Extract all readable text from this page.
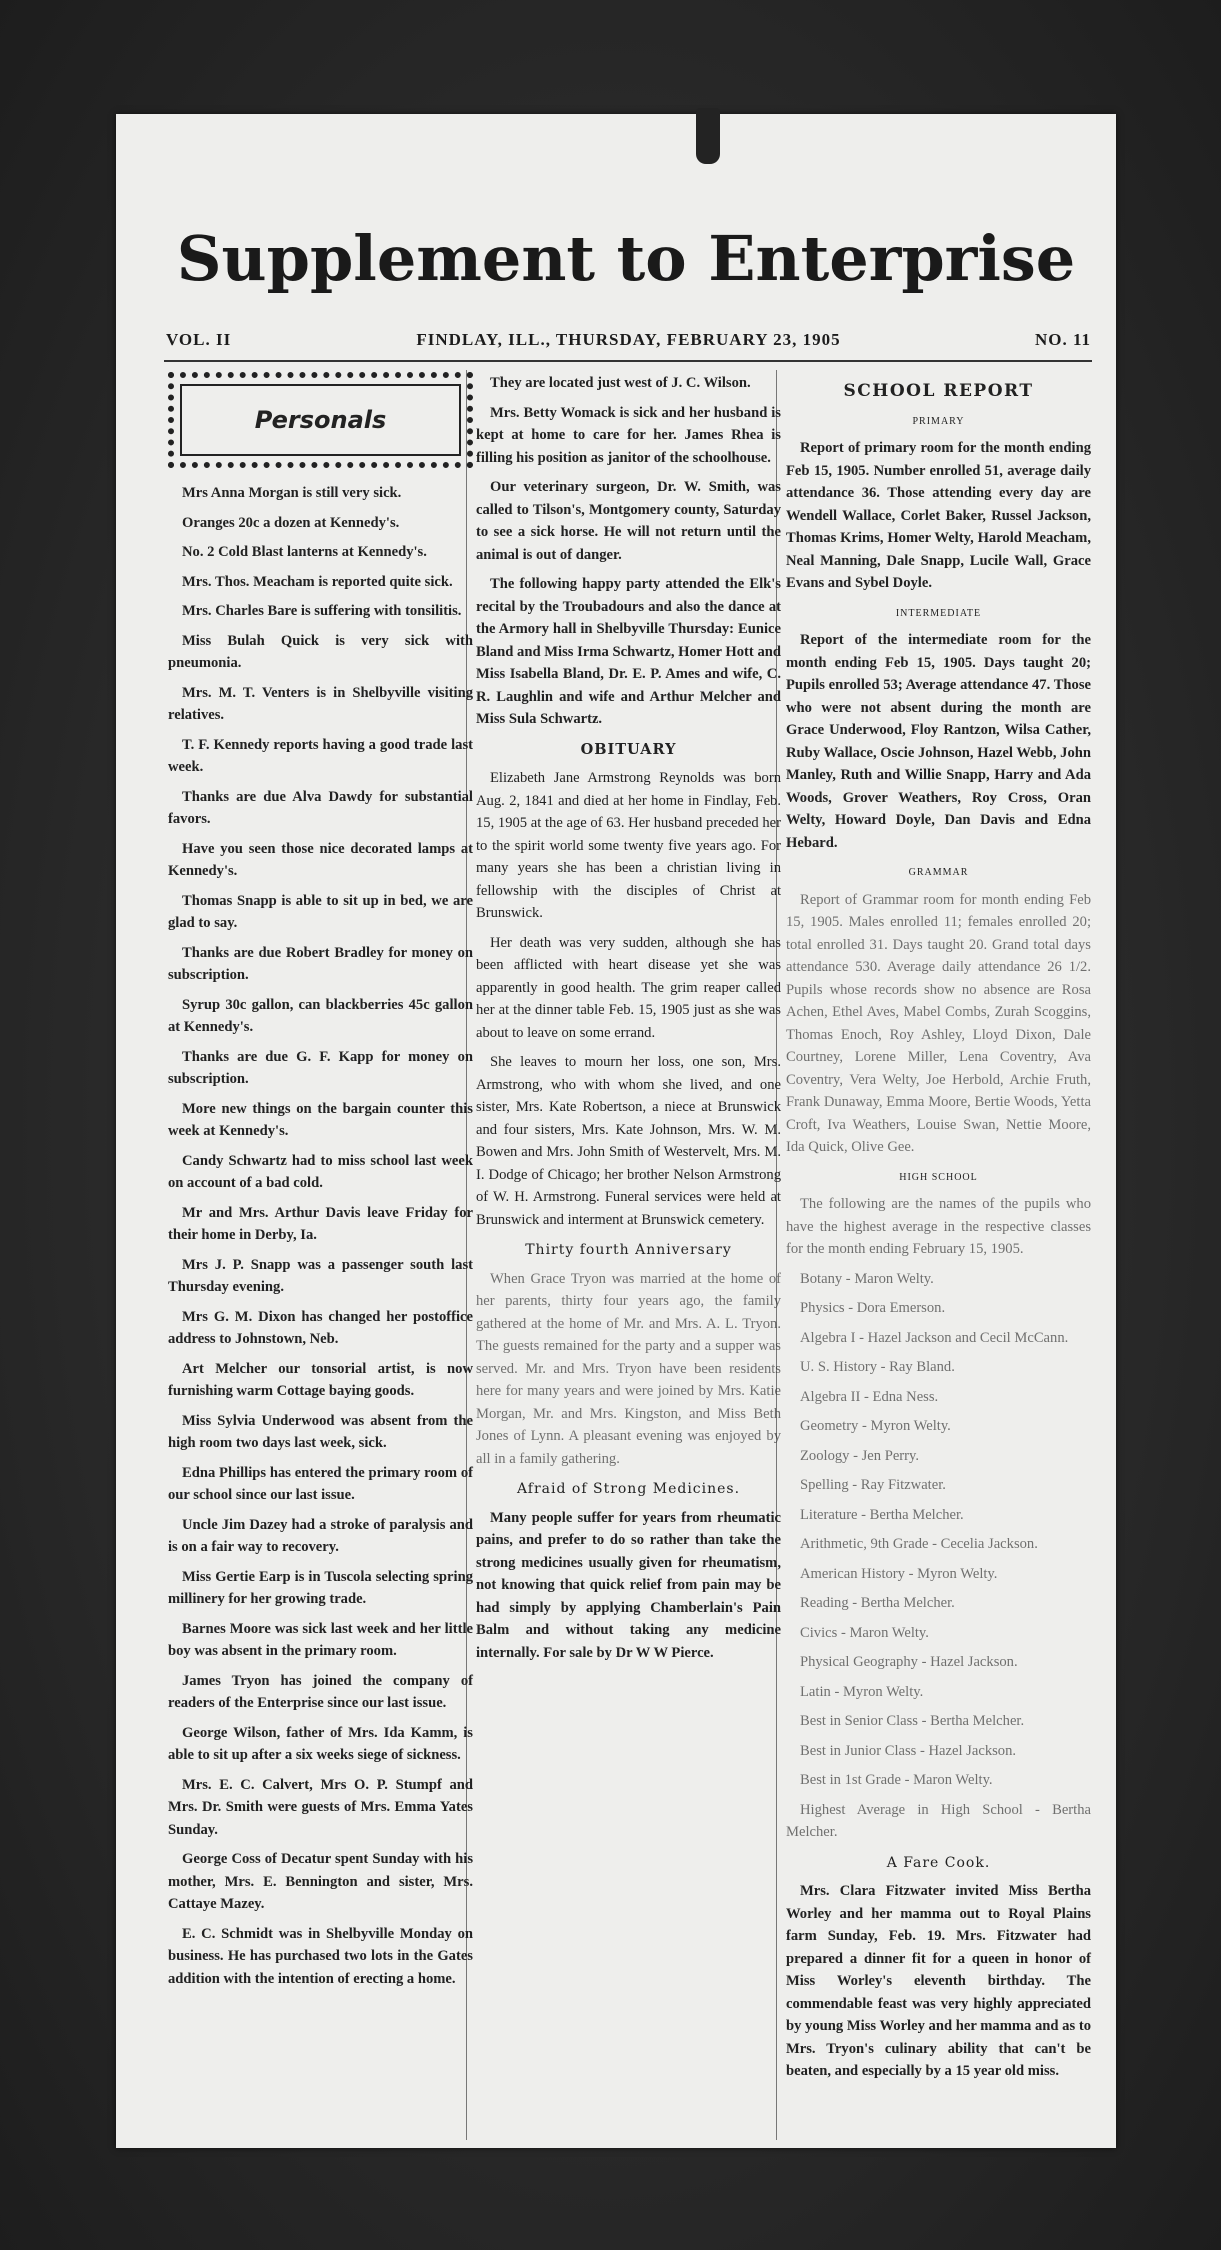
Supplement to Enterprise
VOL. II	FINDLAY, ILL., THURSDAY, FEBRUARY 23, 1905	NO. 11
Personals

Mrs Anna Morgan is still very sick.

Oranges 20c a dozen at Kennedy's.

No. 2 Cold Blast lanterns at Kennedy's.

Mrs. Thos. Meacham is reported quite sick.

Mrs. Charles Bare is suffering with tonsilitis.

Miss Bulah Quick is very sick with pneumonia.

Mrs. M. T. Venters is in Shelbyville visiting relatives.

T. F. Kennedy reports having a good trade last week.

Thanks are due Alva Dawdy for substantial favors.

Have you seen those nice decorated lamps at Kennedy's.

Thomas Snapp is able to sit up in bed, we are glad to say.

Thanks are due Robert Bradley for money on subscription.

Syrup 30c gallon, can blackberries 45c gallon at Kennedy's.

Thanks are due G. F. Kapp for money on subscription.

More new things on the bargain counter this week at Kennedy's.

Candy Schwartz had to miss school last week on account of a bad cold.

Mr and Mrs. Arthur Davis leave Friday for their home in Derby, Ia.

Mrs J. P. Snapp was a passenger south last Thursday evening.

Mrs G. M. Dixon has changed her postoffice address to Johnstown, Neb.

Art Melcher our tonsorial artist, is now furnishing warm Cottage baying goods.

Miss Sylvia Underwood was absent from the high room two days last week, sick.

Edna Phillips has entered the primary room of our school since our last issue.

Uncle Jim Dazey had a stroke of paralysis and is on a fair way to recovery.

Miss Gertie Earp is in Tuscola selecting spring millinery for her growing trade.

Barnes Moore was sick last week and her little boy was absent in the primary room.

James Tryon has joined the company of readers of the Enterprise since our last issue.

George Wilson, father of Mrs. Ida Kamm, is able to sit up after a six weeks siege of sickness.

Mrs. E. C. Calvert, Mrs O. P. Stumpf and Mrs. Dr. Smith were guests of Mrs. Emma Yates Sunday.

George Coss of Decatur spent Sunday with his mother, Mrs. E. Bennington and sister, Mrs. Cattaye Mazey.

E. C. Schmidt was in Shelbyville Monday on business. He has purchased two lots in the Gates addition with the intention of erecting a home.

They are located just west of J. C. Wilson.

Mrs. Betty Womack is sick and her husband is kept at home to care for her. James Rhea is filling his position as janitor of the schoolhouse.

Our veterinary surgeon, Dr. W. Smith, was called to Tilson's, Montgomery county, Saturday to see a sick horse. He will not return until the animal is out of danger.

The following happy party attended the Elk's recital by the Troubadours and also the dance at the Armory hall in Shelbyville Thursday: Eunice Bland and Miss Irma Schwartz, Homer Hott and Miss Isabella Bland, Dr. E. P. Ames and wife, C. R. Laughlin and wife and Arthur Melcher and Miss Sula Schwartz.

OBITUARY

Elizabeth Jane Armstrong Reynolds was born Aug. 2, 1841 and died at her home in Findlay, Feb. 15, 1905 at the age of 63. Her husband preceded her to the spirit world some twenty five years ago. For many years she has been a christian living in fellowship with the disciples of Christ at Brunswick.

Her death was very sudden, although she has been afflicted with heart disease yet she was apparently in good health. The grim reaper called her at the dinner table Feb. 15, 1905 just as she was about to leave on some errand.

She leaves to mourn her loss, one son, Mrs. Armstrong, who with whom she lived, and one sister, Mrs. Kate Robertson, a niece at Brunswick and four sisters, Mrs. Kate Johnson, Mrs. W. M. Bowen and Mrs. John Smith of Westervelt, Mrs. M. I. Dodge of Chicago; her brother Nelson Armstrong of W. H. Armstrong. Funeral services were held at Brunswick and interment at Brunswick cemetery.

Thirty fourth Anniversary

When Grace Tryon was married at the home of her parents, thirty four years ago, the family gathered at the home of Mr. and Mrs. A. L. Tryon. The guests remained for the party and a supper was served. Mr. and Mrs. Tryon have been residents here for many years and were joined by Mrs. Katie Morgan, Mr. and Mrs. Kingston, and Miss Beth Jones of Lynn. A pleasant evening was enjoyed by all in a family gathering.

Afraid of Strong Medicines.

Many people suffer for years from rheumatic pains, and prefer to do so rather than take the strong medicines usually given for rheumatism, not knowing that quick relief from pain may be had simply by applying Chamberlain's Pain Balm and without taking any medicine internally. For sale by Dr W W Pierce.

SCHOOL REPORT
PRIMARY

Report of primary room for the month ending Feb 15, 1905. Number enrolled 51, average daily attendance 36. Those attending every day are Wendell Wallace, Corlet Baker, Russel Jackson, Thomas Krims, Homer Welty, Harold Meacham, Neal Manning, Dale Snapp, Lucile Wall, Grace Evans and Sybel Doyle.

INTERMEDIATE

Report of the intermediate room for the month ending Feb 15, 1905. Days taught 20; Pupils enrolled 53; Average attendance 47. Those who were not absent during the month are Grace Underwood, Floy Rantzon, Wilsa Cather, Ruby Wallace, Oscie Johnson, Hazel Webb, John Manley, Ruth and Willie Snapp, Harry and Ada Woods, Grover Weathers, Roy Cross, Oran Welty, Howard Doyle, Dan Davis and Edna Hebard.

GRAMMAR

Report of Grammar room for month ending Feb 15, 1905. Males enrolled 11; females enrolled 20; total enrolled 31. Days taught 20. Grand total days attendance 530. Average daily attendance 26 1/2. Pupils whose records show no absence are Rosa Achen, Ethel Aves, Mabel Combs, Zurah Scoggins, Thomas Enoch, Roy Ashley, Lloyd Dixon, Dale Courtney, Lorene Miller, Lena Coventry, Ava Coventry, Vera Welty, Joe Herbold, Archie Fruth, Frank Dunaway, Emma Moore, Bertie Woods, Yetta Croft, Iva Weathers, Louise Swan, Nettie Moore, Ida Quick, Olive Gee.

HIGH SCHOOL

The following are the names of the pupils who have the highest average in the respective classes for the month ending February 15, 1905.

Botany - Maron Welty.

Physics - Dora Emerson.

Algebra I - Hazel Jackson and Cecil McCann.

U. S. History - Ray Bland.

Algebra II - Edna Ness.

Geometry - Myron Welty.

Zoology - Jen Perry.

Spelling - Ray Fitzwater.

Literature - Bertha Melcher.

Arithmetic, 9th Grade - Cecelia Jackson.

American History - Myron Welty.

Reading - Bertha Melcher.

Civics - Maron Welty.

Physical Geography - Hazel Jackson.

Latin - Myron Welty.

Best in Senior Class - Bertha Melcher.

Best in Junior Class - Hazel Jackson.

Best in 1st Grade - Maron Welty.

Highest Average in High School - Bertha Melcher.

A Fare Cook.

Mrs. Clara Fitzwater invited Miss Bertha Worley and her mamma out to Royal Plains farm Sunday, Feb. 19. Mrs. Fitzwater had prepared a dinner fit for a queen in honor of Miss Worley's eleventh birthday. The commendable feast was very highly appreciated by young Miss Worley and her mamma and as to Mrs. Tryon's culinary ability that can't be beaten, and especially by a 15 year old miss.
